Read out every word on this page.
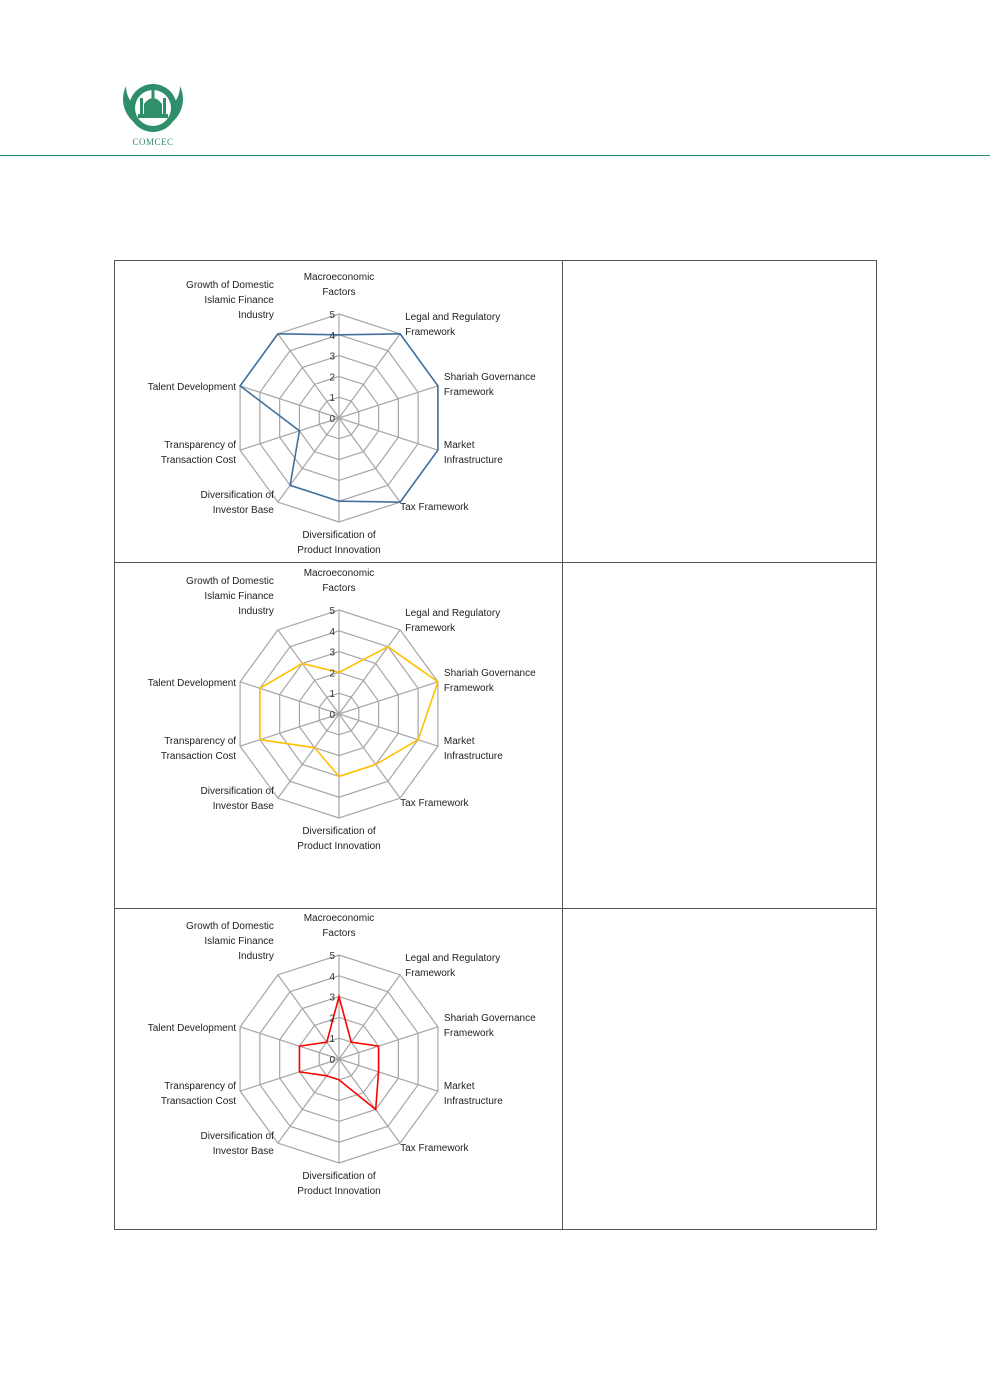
COMCEC
0
1
2
3
4
5
Macroeconomic Factors
Legal and Regulatory Framework
Shariah Governance Framework
Market Infrastructure
Tax Framework
Diversification of Product Innovation
Diversification of Investor Base
Transparency of Transaction Cost
Talent Development
Growth of Domestic Islamic Finance Industry
0
1
2
3
4
5
Macroeconomic Factors
Legal and Regulatory Framework
Shariah Governance Framework
Market Infrastructure
Tax Framework
Diversification of Product Innovation
Diversification of Investor Base
Transparency of Transaction Cost
Talent Development
Growth of Domestic Islamic Finance Industry
0
1
2
3
4
5
Macroeconomic Factors
Legal and Regulatory Framework
Shariah Governance Framework
Market Infrastructure
Tax Framework
Diversification of Product Innovation
Diversification of Investor Base
Transparency of Transaction Cost
Talent Development
Growth of Domestic Islamic Finance Industry
